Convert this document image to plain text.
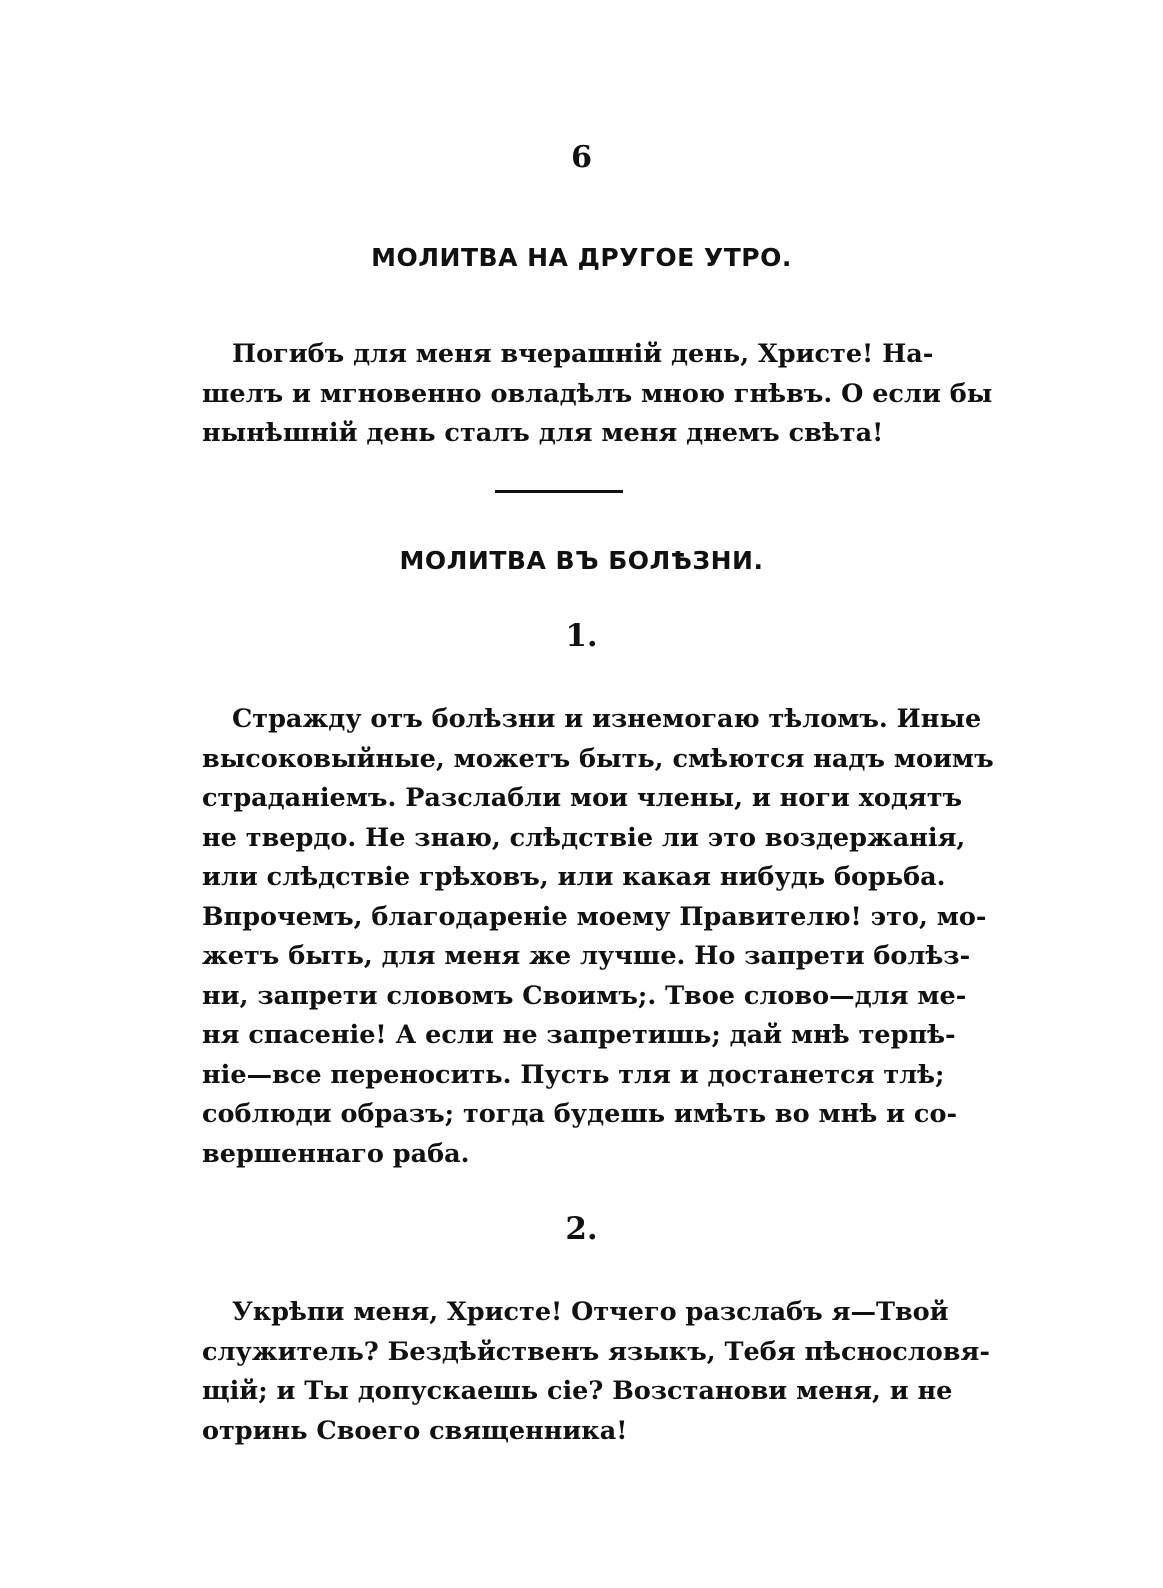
6
МОЛИТВА НА ДРУГОЕ УТРО.
Погибъ для меня вчерашній день, Христе! На-
шелъ и мгновенно овладѣлъ мною гнѣвъ. О если бы
нынѣшній день сталъ для меня днемъ свѣта!
МОЛИТВА ВЪ БОЛѢЗНИ.
1.
Стражду отъ болѣзни и изнемогаю тѣломъ. Иные
высоковыйные, можетъ быть, смѣются надъ моимъ
страданіемъ. Разслабли мои члены, и ноги ходятъ
не твердо. Не знаю, слѣдствіе ли это воздержанія,
или слѣдствіе грѣховъ, или какая нибудь борьба.
Впрочемъ, благодареніе моему Правителю! это, мо-
жетъ быть, для меня же лучше. Но запрети болѣз-
ни, запрети словомъ Своимъ;. Твое слово—для ме-
ня спасеніе! А если не запретишь; дай мнѣ терпѣ-
ніе—все переносить. Пусть тля и достанется тлѣ;
соблюди образъ; тогда будешь имѣть во мнѣ и со-
вершеннаго раба.
2.
Укрѣпи меня, Христе! Отчего разслабъ я—Твой
служитель? Бездѣйственъ языкъ, Тебя пѣснословя-
щій; и Ты допускаешь сіе? Возстанови меня, и не
отринь Своего священника!
